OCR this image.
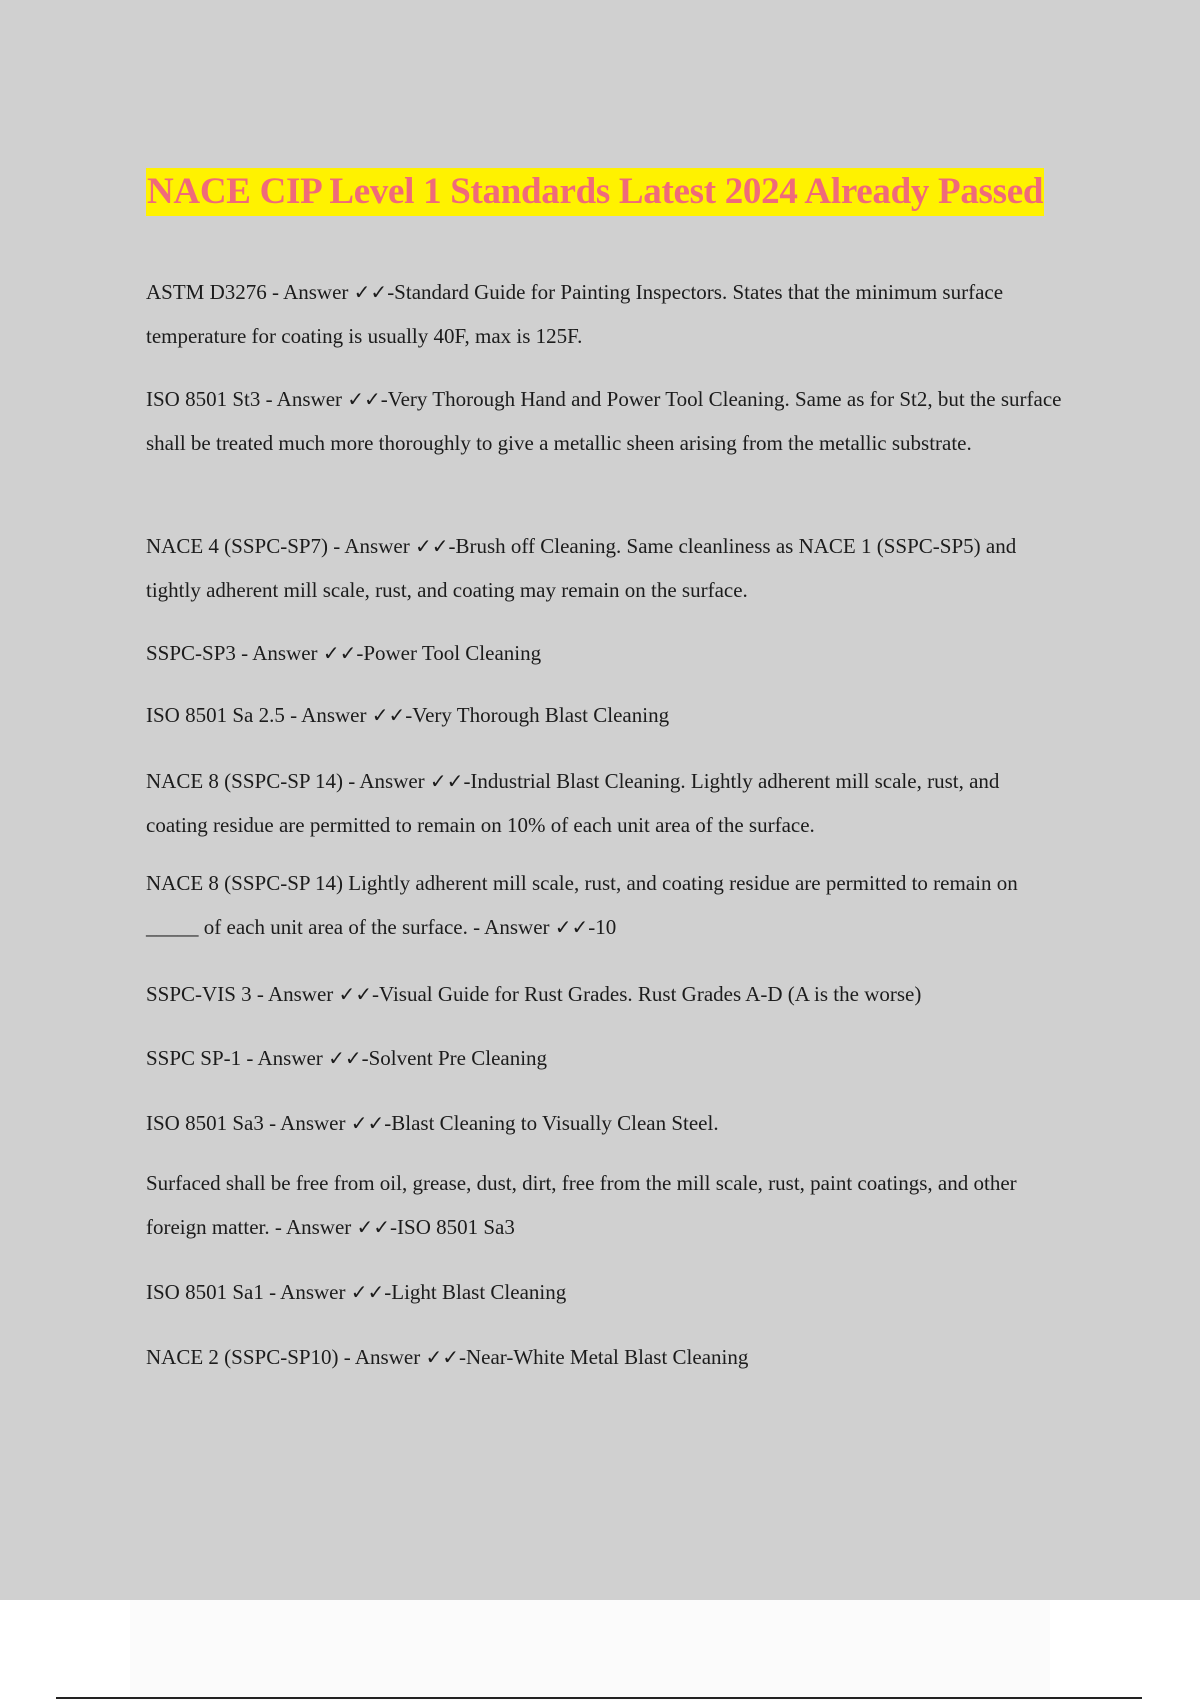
NACE CIP Level 1 Standards Latest 2024 Already Passed

ASTM D3276 - Answer ✓✓-Standard Guide for Painting Inspectors. States that the minimum surface temperature for coating is usually 40F, max is 125F.

ISO 8501 St3 - Answer ✓✓-Very Thorough Hand and Power Tool Cleaning. Same as for St2, but the surface shall be treated much more thoroughly to give a metallic sheen arising from the metallic substrate.

NACE 4 (SSPC-SP7) - Answer ✓✓-Brush off Cleaning. Same cleanliness as NACE 1 (SSPC-SP5) and tightly adherent mill scale, rust, and coating may remain on the surface.

SSPC-SP3 - Answer ✓✓-Power Tool Cleaning

ISO 8501 Sa 2.5 - Answer ✓✓-Very Thorough Blast Cleaning

NACE 8 (SSPC-SP 14) - Answer ✓✓-Industrial Blast Cleaning. Lightly adherent mill scale, rust, and coating residue are permitted to remain on 10% of each unit area of the surface.

NACE 8 (SSPC-SP 14) Lightly adherent mill scale, rust, and coating residue are permitted to remain on _____ of each unit area of the surface. - Answer ✓✓-10

SSPC-VIS 3 - Answer ✓✓-Visual Guide for Rust Grades. Rust Grades A-D (A is the worse)

SSPC SP-1 - Answer ✓✓-Solvent Pre Cleaning

ISO 8501 Sa3 - Answer ✓✓-Blast Cleaning to Visually Clean Steel.

Surfaced shall be free from oil, grease, dust, dirt, free from the mill scale, rust, paint coatings, and other foreign matter. - Answer ✓✓-ISO 8501 Sa3

ISO 8501 Sa1 - Answer ✓✓-Light Blast Cleaning

NACE 2 (SSPC-SP10) - Answer ✓✓-Near-White Metal Blast Cleaning
